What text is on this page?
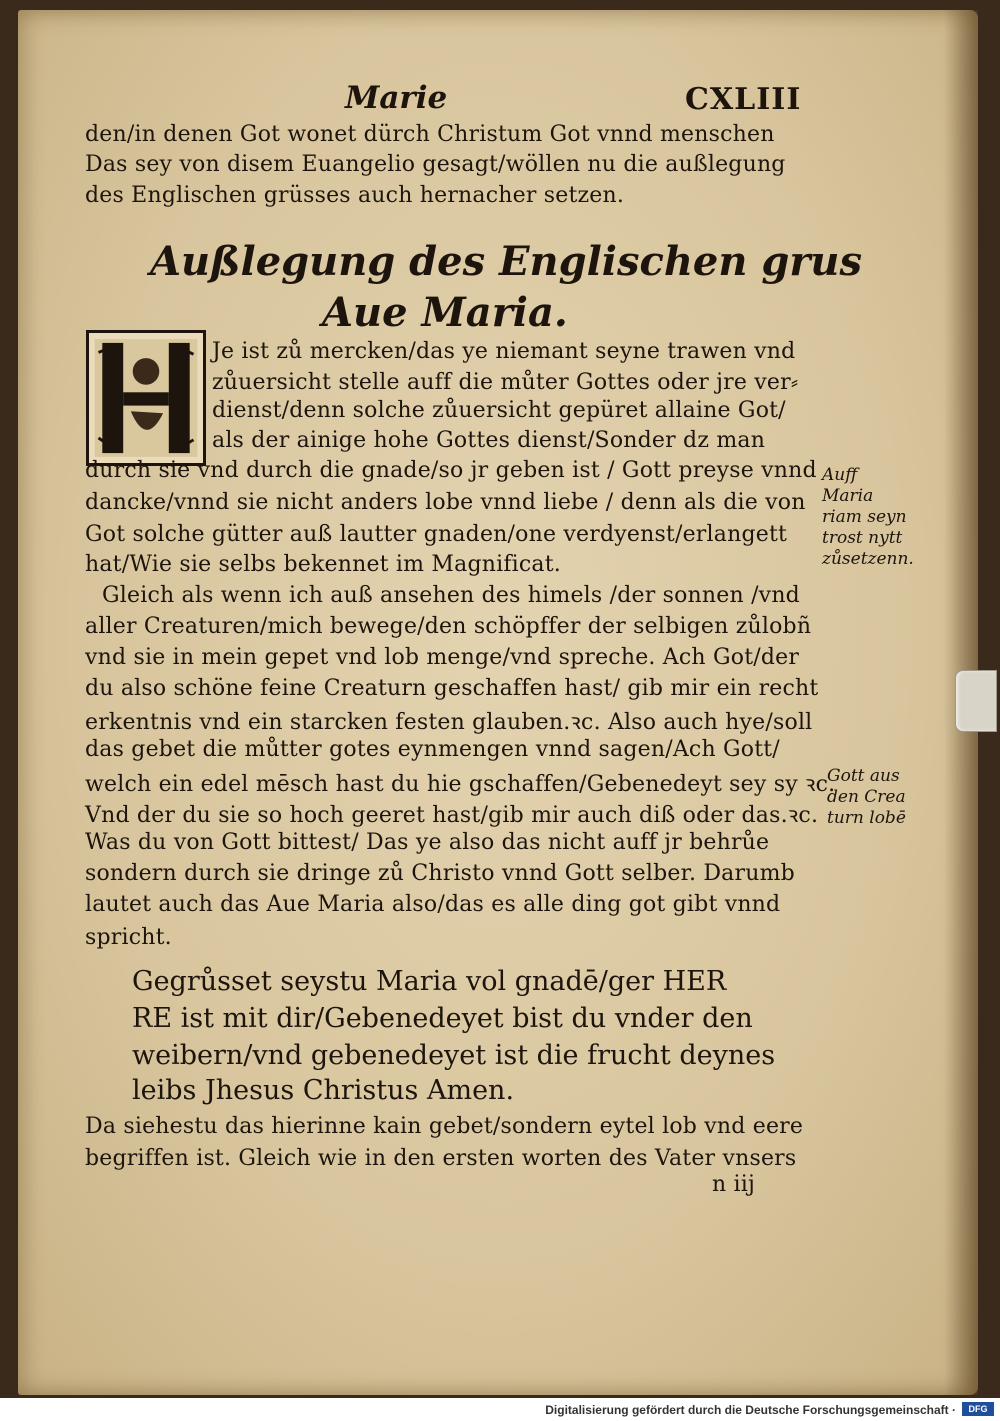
Marie	CXLIII
den/in denen Got wonet dürch Christum Got vnnd menschen
Das sey von disem Euangelio gesagt/wöllen nu die außlegung
des Englischen grüsses auch hernacher setzen.
Außlegung des Englischen grus
Aue Maria.
Je ist zů mercken/das ye niemant seyne trawen vnd
zůuersicht stelle auff die můter Gottes oder jre ver⸗
dienst/denn solche zůuersicht gepüret allaine Got/
als der ainige hohe Gottes dienst/Sonder dz man
durch sie vnd durch die gnade/so jr geben ist / Gott preyse vnnd
dancke/vnnd sie nicht anders lobe vnnd liebe / denn als die von
Got solche gütter auß lautter gnaden/one verdyenst/erlangett
hat/Wie sie selbs bekennet im Magnificat.
Gleich als wenn ich auß ansehen des himels /der sonnen /vnd
aller Creaturen/mich bewege/den schöpffer der selbigen zůlobñ
vnd sie in mein gepet vnd lob menge/vnd spreche. Ach Got/der
du also schöne feine Creaturn geschaffen hast/ gib mir ein recht
erkentnis vnd ein starcken festen glauben.ꝛc. Also auch hye/soll
das gebet die můtter gotes eynmengen vnnd sagen/Ach Gott/
welch ein edel mēsch hast du hie gschaffen/Gebenedeyt sey sy ꝛc.
Vnd der du sie so hoch geeret hast/gib mir auch diß oder das.ꝛc.
Was du von Gott bittest/ Das ye also das nicht auff jr behrůe
sondern durch sie dringe zů Christo vnnd Gott selber. Darumb
lautet auch das Aue Maria also/das es alle ding got gibt vnnd
spricht.
Gegrůsset seystu Maria vol gnadē/ger HER
RE ist mit dir/Gebenedeyet bist du vnder den
weibern/vnd gebenedeyet ist die frucht deynes
leibs Jhesus Christus Amen.
Da siehestu das hierinne kain gebet/sondern eytel lob vnd eere
begriffen ist. Gleich wie in den ersten worten des Vater vnsers
n iij
Auff Maria riam seyn trost nytt zůsetzenn.
Gott aus den Crea turn lobē
Digitalisierung gefördert durch die Deutsche Forschungsgemeinschaft ·	DFG
